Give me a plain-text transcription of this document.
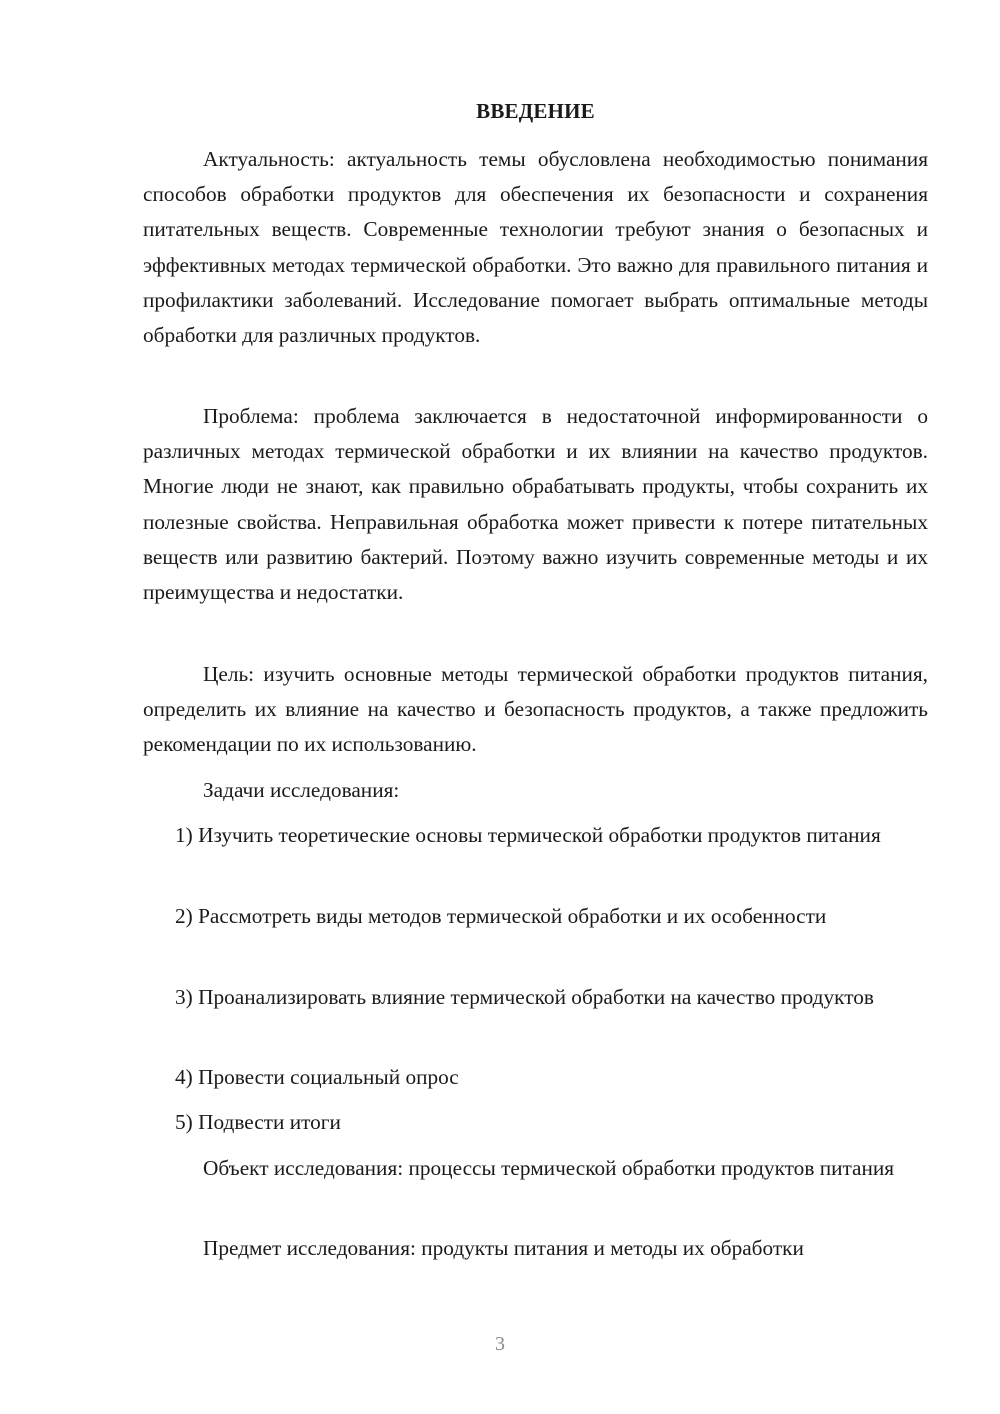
ВВЕДЕНИЕ

Актуальность: актуальность темы обусловлена необходимостью понимания способов обработки продуктов для обеспечения их безопасности и сохранения питательных веществ. Современные технологии требуют знания о безопасных и эффективных методах термической обработки. Это важно для правильного питания и профилактики заболеваний. Исследование помогает выбрать оптимальные методы обработки для различных продуктов.

Проблема: проблема заключается в недостаточной информированности о различных методах термической обработки и их влиянии на качество продуктов. Многие люди не знают, как правильно обрабатывать продукты, чтобы сохранить их полезные свойства. Неправильная обработка может привести к потере питательных веществ или развитию бактерий. Поэтому важно изучить современные методы и их преимущества и недостатки.

Цель: изучить основные методы термической обработки продуктов питания, определить их влияние на качество и безопасность продуктов, а также предложить рекомендации по их использованию.

Задачи исследования:

1) Изучить теоретические основы термической обработки продуктов питания

2) Рассмотреть виды методов термической обработки и их особенности

3) Проанализировать влияние термической обработки на качество продуктов

4) Провести социальный опрос

5) Подвести итоги

Объект исследования: процессы термической обработки продуктов питания

Предмет исследования: продукты питания и методы их обработки

3
